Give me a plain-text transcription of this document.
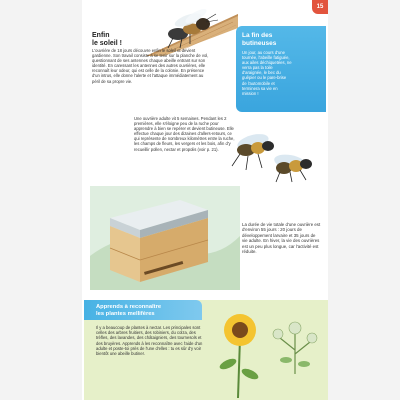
15
Enfin
le soleil !

L'ouvrière de 18 jours découvre enfin le soleil et devient gardienne. Son travail consiste à se tenir sur la planche de vol, questionnant de ses antennes chaque abeille entrant sur son identité. En caressant les antennes des autres ouvrières, elle reconnaît leur odeur, qui est celle de la colonie. En présence d'un intrus, elle donne l'alerte et l'attaque immédiatement au péril de sa propre vie.

La fin des
butineuses
Un jour, au cours d'une tournée, l'abeille fatiguée, aux ailes déchiquetées, ne verra pas la toile d'araignée, le bec du guêpier ou le pare-brise de l'automobile et terminera sa vie en mission !
Une ouvrière adulte vit 5 semaines. Pendant les 2 premières, elle s'éloigne peu de la ruche pour apprendre à bien se repérer et devient butineuse. Elle effectue chaque jour des dizaines d'allers-retours, ce qui représente de nombreux kilomètres entre la ruche, les champs de fleurs, les vergers et les bois, afin d'y recueillir pollen, nectar et propolis (voir p. 21).
La durée de vie totale d'une ouvrière est d'environ 55 jours : 20 jours de développement larvaire et 35 jours de vie adulte. En hiver, la vie des ouvrières est un peu plus longue, car l'activité est réduite.
Apprends à reconnaître
les plantes mellifères
Il y a beaucoup de plantes à nectar. Les principales sont celles des arbres fruitiers, des robiniers, du colza, des trèfles, des lavandes, des châtaigniers, des tournesols et des bruyères. Apprends à les reconnaître avec l'aide d'un adulte et poste-toi près de l'une d'elles : tu es sûr d'y voir bientôt une abeille butiner.
